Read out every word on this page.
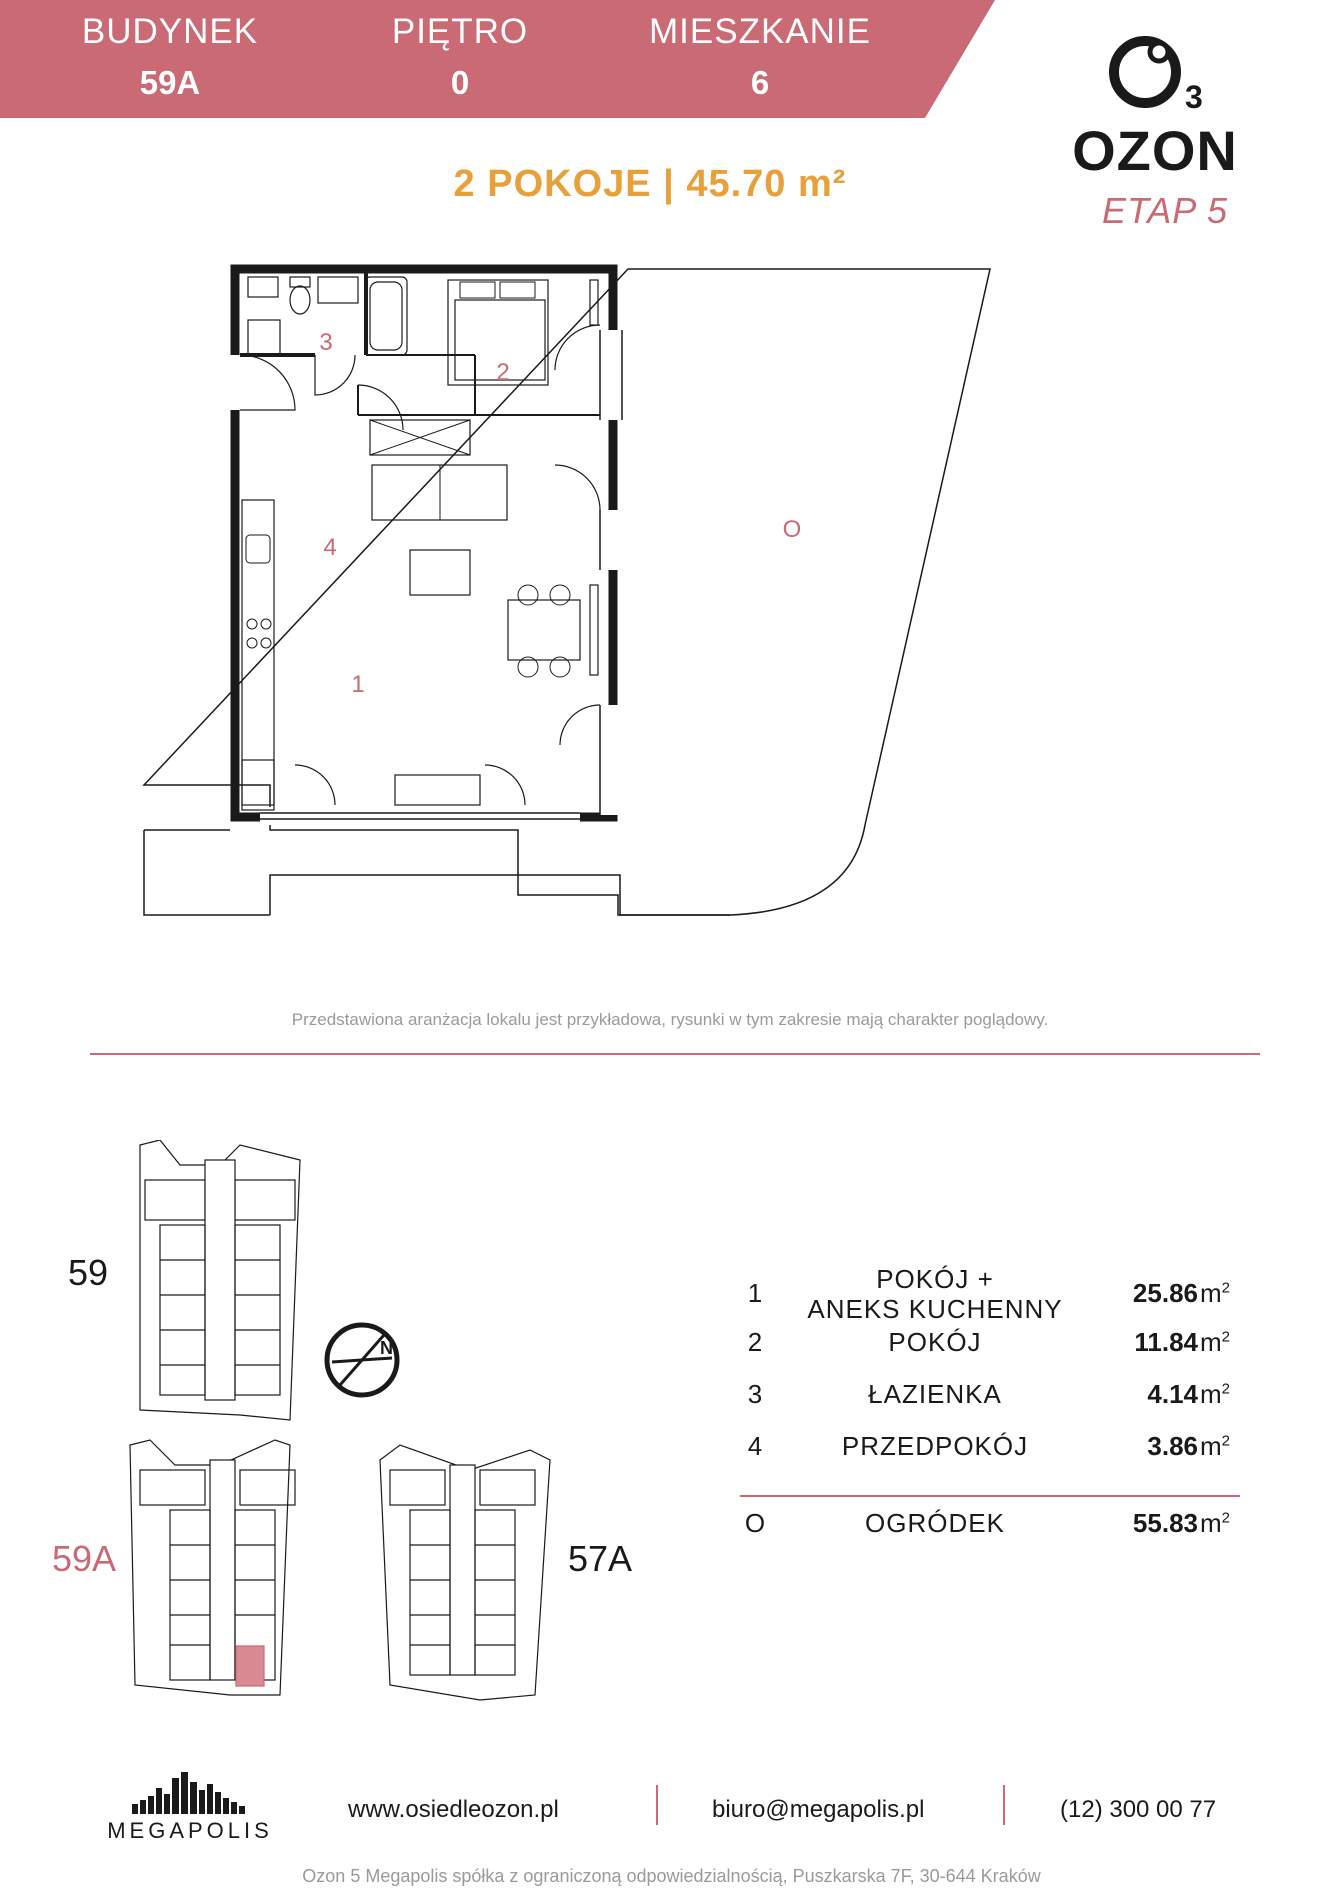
BUDYNEK
59A
PIĘTRO
0
MIESZKANIE
6	3
OZON
ETAP 5
2 POKOJE | 45.70 m²
1
2
3
4
O
Przedstawiona aranżacja lokalu jest przykładowa, rysunki w tym zakresie mają charakter poglądowy.
N
59
59A	57A
1	POKÓJ +
ANEKS KUCHENNY
25.86 $m^2$
2	POKÓJ	11.84 $m^2$
3	ŁAZIENKA	4.14 $m^2$
4	PRZEDPOKÓJ	3.86 $m^2$
O	OGRÓDEK	55.83 $m^2$
MEGAPOLIS
www.osiedleozon.pl	biuro@megapolis.pl	(12) 300 00 77
Ozon 5 Megapolis spółka z ograniczoną odpowiedzialnością, Puszkarska 7F, 30-644 Kraków
